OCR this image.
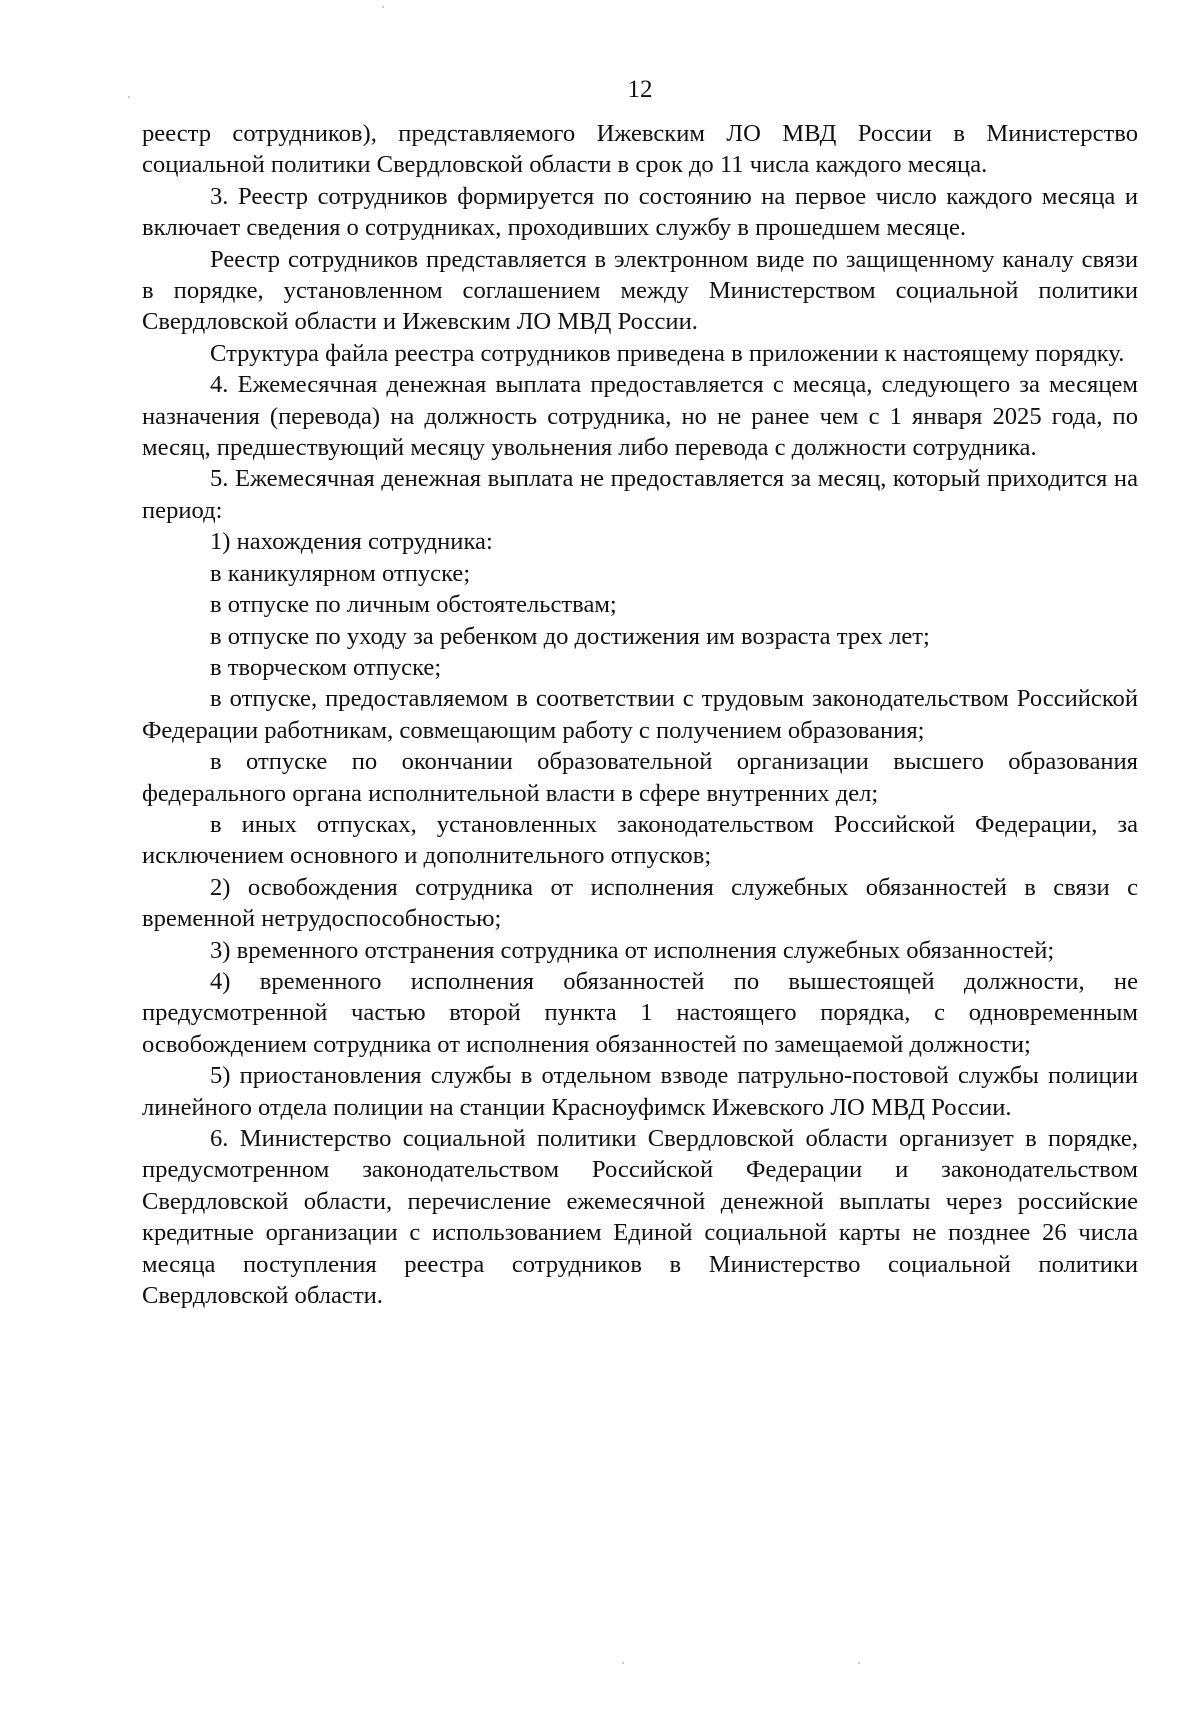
12

реестр сотрудников), представляемого Ижевским ЛО МВД России в Министерство социальной политики Свердловской области в срок до 11 числа каждого месяца.

3. Реестр сотрудников формируется по состоянию на первое число каждого месяца и включает сведения о сотрудниках, проходивших службу в прошедшем месяце.

Реестр сотрудников представляется в электронном виде по защищенному каналу связи в порядке, установленном соглашением между Министерством социальной политики Свердловской области и Ижевским ЛО МВД России.

Структура файла реестра сотрудников приведена в приложении к настоящему порядку.

4. Ежемесячная денежная выплата предоставляется с месяца, следующего за месяцем назначения (перевода) на должность сотрудника, но не ранее чем с 1 января 2025 года, по месяц, предшествующий месяцу увольнения либо перевода с должности сотрудника.

5. Ежемесячная денежная выплата не предоставляется за месяц, который приходится на период:

1) нахождения сотрудника:

в каникулярном отпуске;

в отпуске по личным обстоятельствам;

в отпуске по уходу за ребенком до достижения им возраста трех лет;

в творческом отпуске;

в отпуске, предоставляемом в соответствии с трудовым законодательством Российской Федерации работникам, совмещающим работу с получением образования;

в отпуске по окончании образовательной организации высшего образования федерального органа исполнительной власти в сфере внутренних дел;

в иных отпусках, установленных законодательством Российской Федерации, за исключением основного и дополнительного отпусков;

2) освобождения сотрудника от исполнения служебных обязанностей в связи с временной нетрудоспособностью;

3) временного отстранения сотрудника от исполнения служебных обязанностей;

4) временного исполнения обязанностей по вышестоящей должности, не предусмотренной частью второй пункта 1 настоящего порядка, с одновременным освобождением сотрудника от исполнения обязанностей по замещаемой должности;

5) приостановления службы в отдельном взводе патрульно-постовой службы полиции линейного отдела полиции на станции Красноуфимск Ижевского ЛО МВД России.

6. Министерство социальной политики Свердловской области организует в порядке, предусмотренном законодательством Российской Федерации и законодательством Свердловской области, перечисление ежемесячной денежной выплаты через российские кредитные организации с использованием Единой социальной карты не позднее 26 числа месяца поступления реестра сотрудников в Министерство социальной политики Свердловской области.
